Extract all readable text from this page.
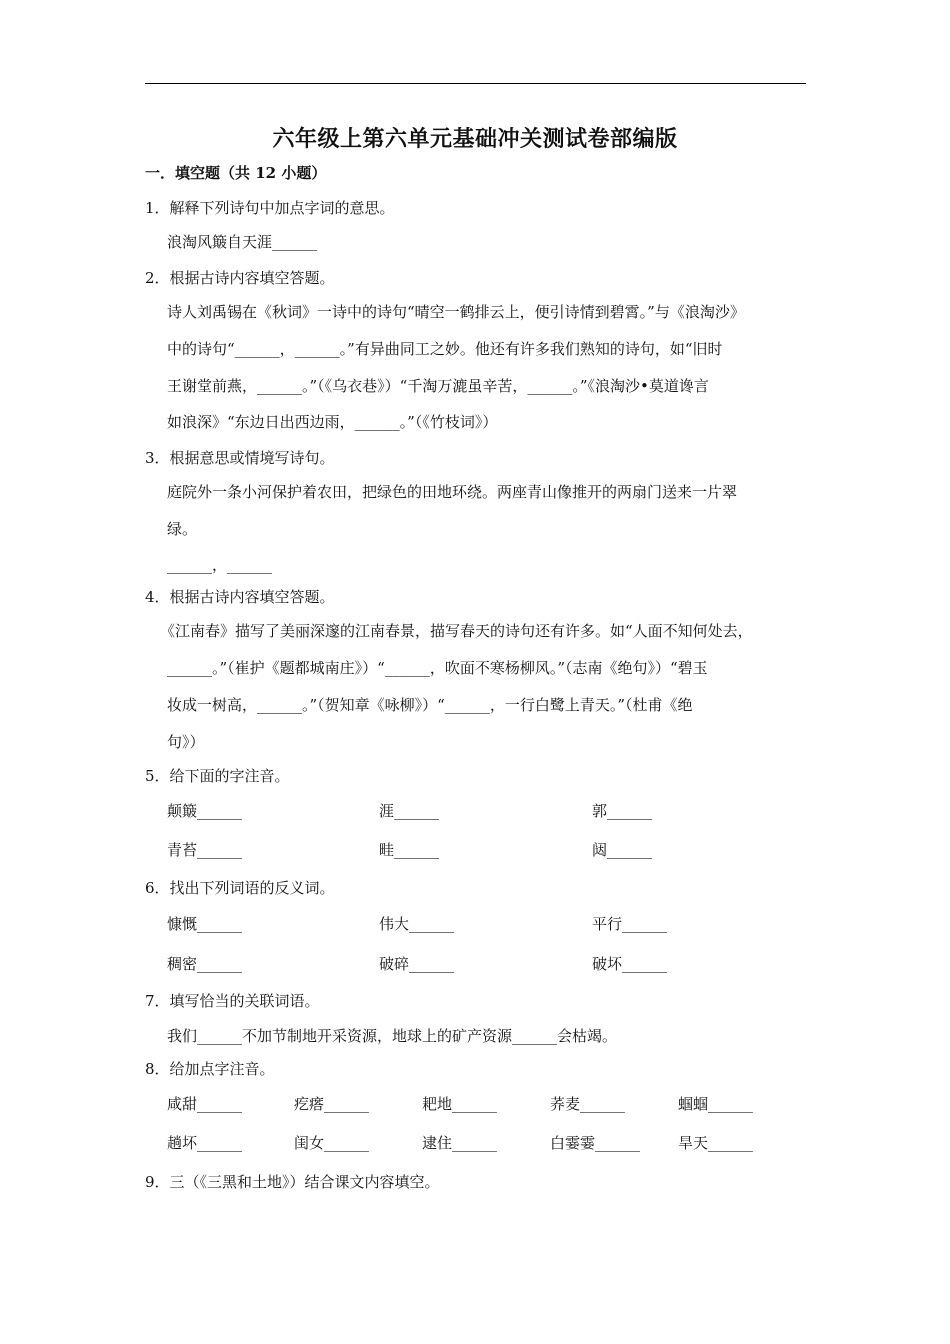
六年级上第六单元基础冲关测试卷部编版
一．填空题（共 12 小题）
1．解释下列诗句中加点字词的意思。
浪淘风簸自天涯______
2．根据古诗内容填空答题。
诗人刘禹锡在《秋词》一诗中的诗句“晴空一鹤排云上，便引诗情到碧霄。”与《浪淘沙》
中的诗句“______，______。”有异曲同工之妙。他还有许多我们熟知的诗句，如“旧时
王谢堂前燕，______。”（《乌衣巷》）“千淘万漉虽辛苦，______。”《浪淘沙•莫道谗言
如浪深》“东边日出西边雨，______。”（《竹枝词》）
3．根据意思或情境写诗句。
庭院外一条小河保护着农田，把绿色的田地环绕。两座青山像推开的两扇门送来一片翠
绿。
______，______
4．根据古诗内容填空答题。
《江南春》描写了美丽深邃的江南春景，描写春天的诗句还有许多。如“人面不知何处去，
______。”（崔护《题都城南庄》）“______，吹面不寒杨柳风。”（志南《绝句》）“碧玉
妆成一树高，______。”（贺知章《咏柳》）“______，一行白鹭上青天。”（杜甫《绝
句》）
5．给下面的字注音。
颠簸______	涯______	郭______
青苔______	畦______	闼______
6．找出下列词语的反义词。
慷慨______	伟大______	平行______
稠密______	破碎______	破坏______
7．填写恰当的关联词语。
我们______不加节制地开采资源，地球上的矿产资源______会枯竭。
8．给加点字注音。
咸甜______	疙瘩______	耙地______	荞麦______	蝈蝈______
趟坏______	闺女______	逮住______	白霎霎______	旱天______
9．三（《三黑和土地》）结合课文内容填空。
